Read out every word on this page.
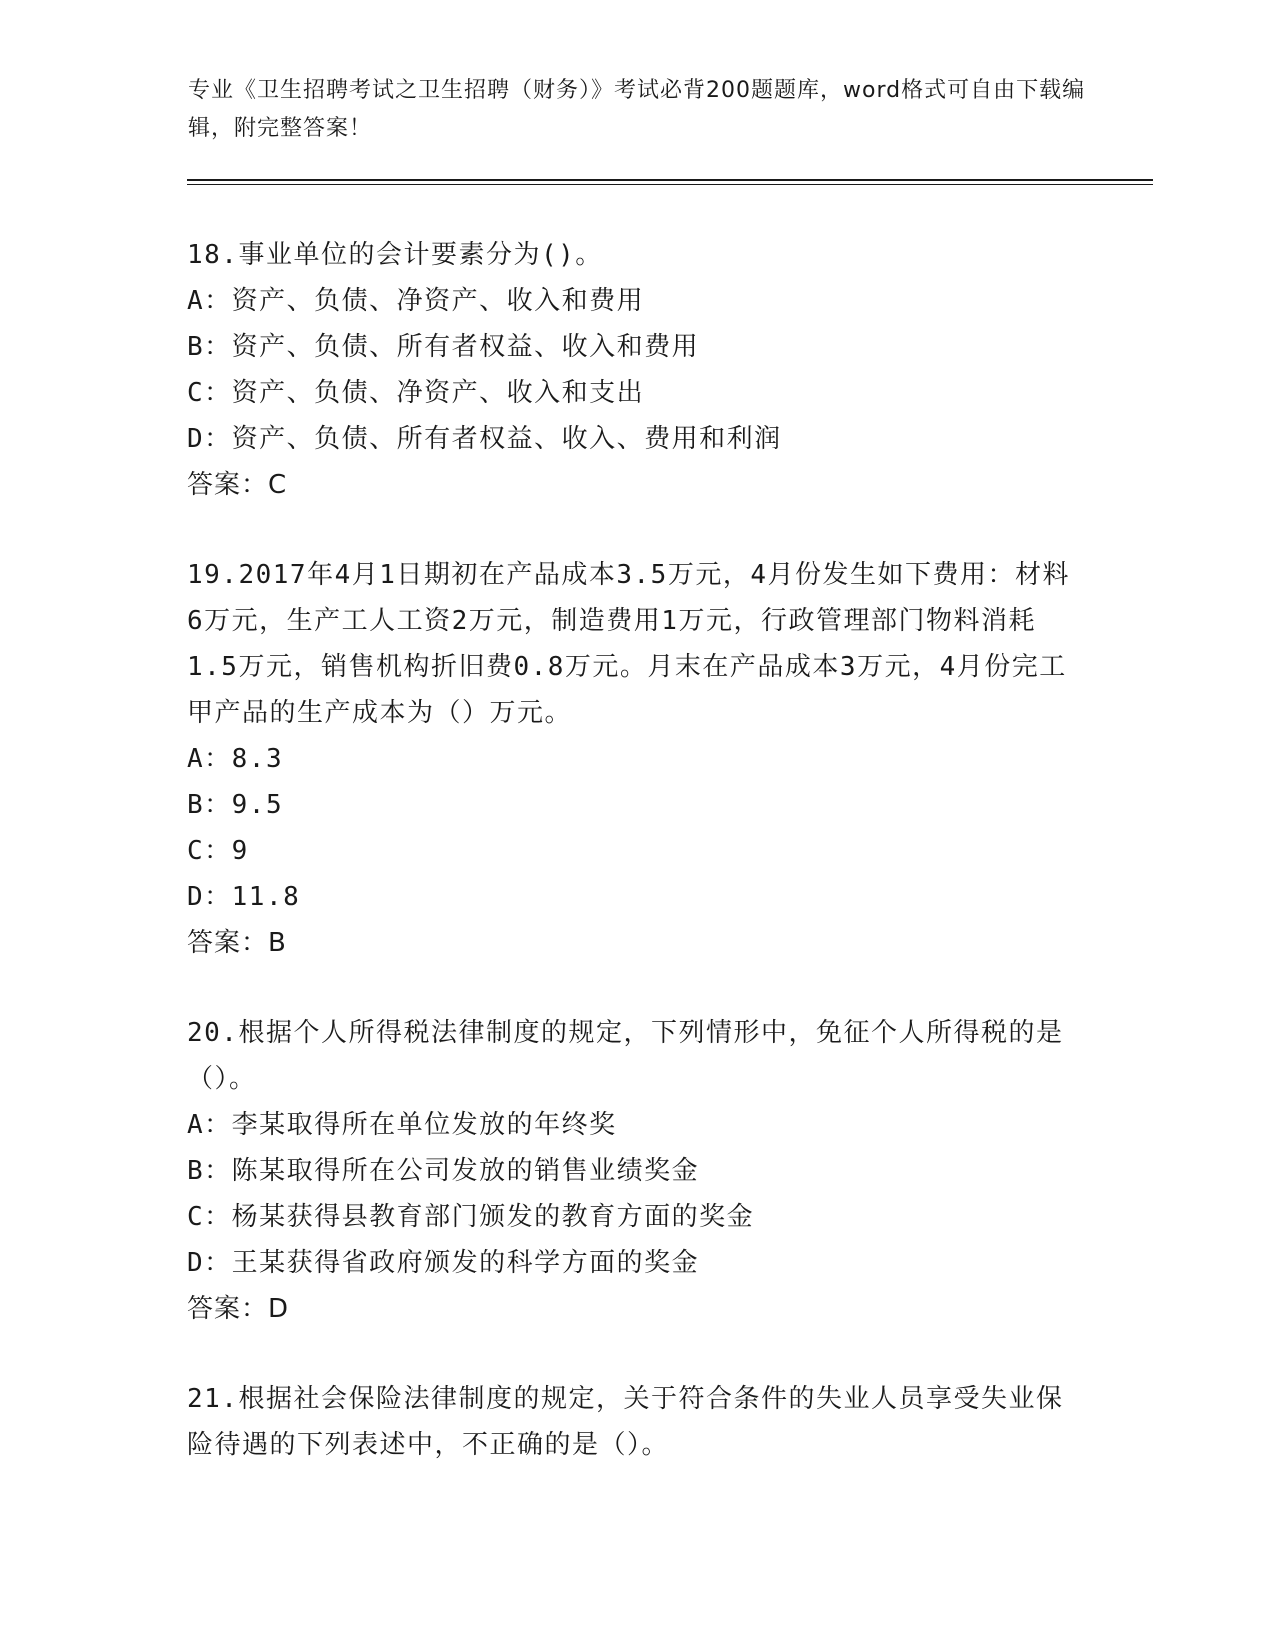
专业《卫生招聘考试之卫生招聘（财务）》考试必背200题题库，word格式可自由下载编辑，附完整答案！

18.事业单位的会计要素分为()。

A：资产、负债、净资产、收入和费用

B：资产、负债、所有者权益、收入和费用

C：资产、负债、净资产、收入和支出

D：资产、负债、所有者权益、收入、费用和利润

答案：C

19.2017年4月1日期初在产品成本3.5万元，4月份发生如下费用：材料6万元，生产工人工资2万元，制造费用1万元，行政管理部门物料消耗1.5万元，销售机构折旧费0.8万元。月末在产品成本3万元，4月份完工甲产品的生产成本为（）万元。

A：8.3

B：9.5

C：9

D：11.8

答案：B

20.根据个人所得税法律制度的规定，下列情形中，免征个人所得税的是（）。

A：李某取得所在单位发放的年终奖

B：陈某取得所在公司发放的销售业绩奖金

C：杨某获得县教育部门颁发的教育方面的奖金

D：王某获得省政府颁发的科学方面的奖金

答案：D

21.根据社会保险法律制度的规定，关于符合条件的失业人员享受失业保险待遇的下列表述中，不正确的是（）。
